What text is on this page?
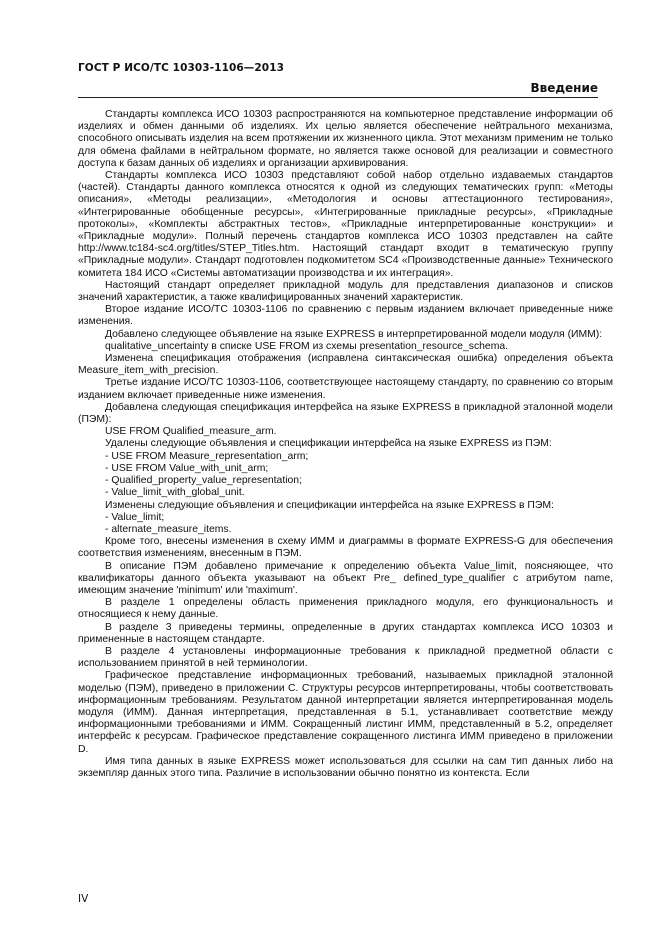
ГОСТ Р ИСО/ТС 10303-1106—2013
Введение

Стандарты комплекса ИСО 10303 распространяются на компьютерное представление информации об изделиях и обмен данными об изделиях. Их целью является обеспечение нейтрального механизма, способного описывать изделия на всем протяжении их жизненного цикла. Этот механизм применим не только для обмена файлами в нейтральном формате, но является также основой для реализации и совместного доступа к базам данных об изделиях и организации архивирования.

Стандарты комплекса ИСО 10303 представляют собой набор отдельно издаваемых стандартов (частей). Стандарты данного комплекса относятся к одной из следующих тематических групп: «Методы описания», «Методы реализации», «Методология и основы аттестационного тестирования», «Интегрированные обобщенные ресурсы», «Интегрированные прикладные ресурсы», «Прикладные протоколы», «Комплекты абстрактных тестов», «Прикладные интерпретированные конструкции» и «Прикладные модули». Полный перечень стандартов комплекса ИСО 10303 представлен на сайте http://www.tc184-sc4.org/titles/STEP_Titles.htm. Настоящий стандарт входит в тематическую группу «Прикладные модули». Стандарт подготовлен подкомитетом SC4 «Производственные данные» Технического комитета 184 ИСО «Системы автоматизации производства и их интеграция».

Настоящий стандарт определяет прикладной модуль для представления диапазонов и списков значений характеристик, а также квалифицированных значений характеристик.

Второе издание ИСО/ТС 10303-1106 по сравнению с первым изданием включает приведенные ниже изменения.

Добавлено следующее объявление на языке EXPRESS в интерпретированной модели модуля (ИММ):

qualitative_uncertainty в списке USE FROM из схемы presentation_resource_schema.

Изменена спецификация отображения (исправлена синтаксическая ошибка) определения объекта Measure_item_with_precision.

Третье издание ИСО/ТС 10303-1106, соответствующее настоящему стандарту, по сравнению со вторым изданием включает приведенные ниже изменения.

Добавлена следующая спецификация интерфейса на языке EXPRESS в прикладной эталонной модели (ПЭМ):

USE FROM Qualified_measure_arm.

Удалены следующие объявления и спецификации интерфейса на языке EXPRESS из ПЭМ:

- USE FROM Measure_representation_arm;

- USE FROM Value_with_unit_arm;

- Qualified_property_value_representation;

- Value_limit_with_global_unit.

Изменены следующие объявления и спецификации интерфейса на языке EXPRESS в ПЭМ:

- Value_limit;

- alternate_measure_items.

Кроме того, внесены изменения в схему ИММ и диаграммы в формате EXPRESS-G для обеспечения соответствия изменениям, внесенным в ПЭМ.

В описание ПЭМ добавлено примечание к определению объекта Value_limit, поясняющее, что квалификаторы данного объекта указывают на объект Pre_ defined_type_qualifier с атрибутом name, имеющим значение 'minimum' или 'maximum'.

В разделе 1 определены область применения прикладного модуля, его функциональность и относящиеся к нему данные.

В разделе 3 приведены термины, определенные в других стандартах комплекса ИСО 10303 и примененные в настоящем стандарте.

В разделе 4 установлены информационные требования к прикладной предметной области с использованием принятой в ней терминологии.

Графическое представление информационных требований, называемых прикладной эталонной моделью (ПЭМ), приведено в приложении С. Структуры ресурсов интерпретированы, чтобы соответствовать информационным требованиям. Результатом данной интерпретации является интерпретированная модель модуля (ИММ). Данная интерпретация, представленная в 5.1, устанавливает соответствие между информационными требованиями и ИММ. Сокращенный листинг ИММ, представленный в 5.2, определяет интерфейс к ресурсам. Графическое представление сокращенного листинга ИММ приведено в приложении D.

Имя типа данных в языке EXPRESS может использоваться для ссылки на сам тип данных либо на экземпляр данных этого типа. Различие в использовании обычно понятно из контекста. Если

IV
